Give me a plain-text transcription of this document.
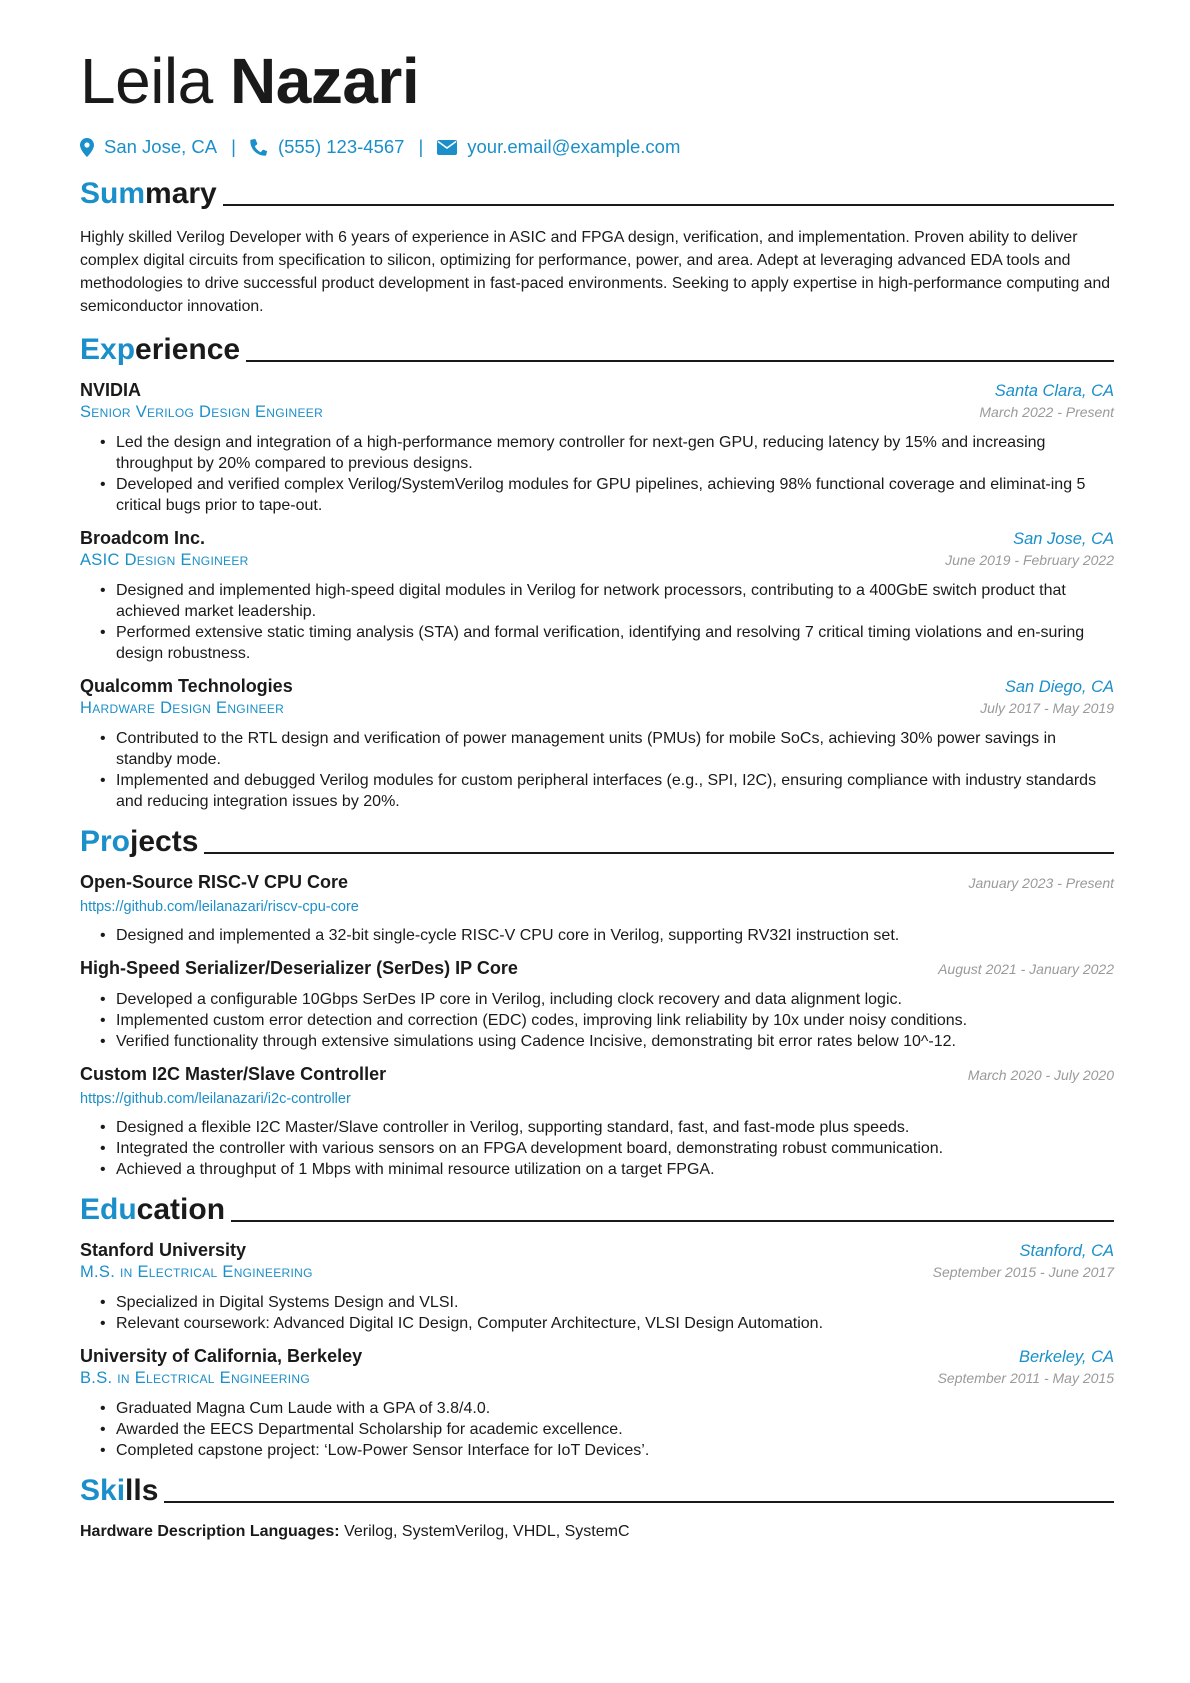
Leila Nazari
San Jose, CA | (555) 123-4567 | your.email@example.com
Summary

Highly skilled Verilog Developer with 6 years of experience in ASIC and FPGA design, verification, and implementation. Proven ability to deliver complex digital circuits from specification to silicon, optimizing for performance, power, and area. Adept at leveraging advanced EDA tools and methodologies to drive successful product development in fast-paced environments. Seeking to apply expertise in high-performance computing and semiconductor innovation.

Experience
NVIDIA	Santa Clara, CA
Senior Verilog Design Engineer	March 2022 - Present
• Led the design and integration of a high-performance memory controller for next-gen GPU, reducing latency by 15% and increasing throughput by 20% compared to previous designs.
• Developed and verified complex Verilog/SystemVerilog modules for GPU pipelines, achieving 98% functional coverage and eliminat-ing 5 critical bugs prior to tape-out.
Broadcom Inc.	San Jose, CA
ASIC Design Engineer	June 2019 - February 2022
• Designed and implemented high-speed digital modules in Verilog for network processors, contributing to a 400GbE switch product that achieved market leadership.
• Performed extensive static timing analysis (STA) and formal verification, identifying and resolving 7 critical timing violations and en-suring design robustness.
Qualcomm Technologies	San Diego, CA
Hardware Design Engineer	July 2017 - May 2019
• Contributed to the RTL design and verification of power management units (PMUs) for mobile SoCs, achieving 30% power savings in standby mode.
• Implemented and debugged Verilog modules for custom peripheral interfaces (e.g., SPI, I2C), ensuring compliance with industry standards and reducing integration issues by 20%.
Projects
Open-Source RISC-V CPU Core	January 2023 - Present
https://github.com/leilanazari/riscv-cpu-core
• Designed and implemented a 32-bit single-cycle RISC-V CPU core in Verilog, supporting RV32I instruction set.
High-Speed Serializer/Deserializer (SerDes) IP Core	August 2021 - January 2022
• Developed a configurable 10Gbps SerDes IP core in Verilog, including clock recovery and data alignment logic.
• Implemented custom error detection and correction (EDC) codes, improving link reliability by 10x under noisy conditions.
• Verified functionality through extensive simulations using Cadence Incisive, demonstrating bit error rates below 10^-12.
Custom I2C Master/Slave Controller	March 2020 - July 2020
https://github.com/leilanazari/i2c-controller
• Designed a flexible I2C Master/Slave controller in Verilog, supporting standard, fast, and fast-mode plus speeds.
• Integrated the controller with various sensors on an FPGA development board, demonstrating robust communication.
• Achieved a throughput of 1 Mbps with minimal resource utilization on a target FPGA.
Education
Stanford University	Stanford, CA
M.S. in Electrical Engineering	September 2015 - June 2017
• Specialized in Digital Systems Design and VLSI.
• Relevant coursework: Advanced Digital IC Design, Computer Architecture, VLSI Design Automation.
University of California, Berkeley	Berkeley, CA
B.S. in Electrical Engineering	September 2011 - May 2015
• Graduated Magna Cum Laude with a GPA of 3.8/4.0.
• Awarded the EECS Departmental Scholarship for academic excellence.
• Completed capstone project: ‘Low-Power Sensor Interface for IoT Devices’.
Skills
Hardware Description Languages: Verilog, SystemVerilog, VHDL, SystemC
